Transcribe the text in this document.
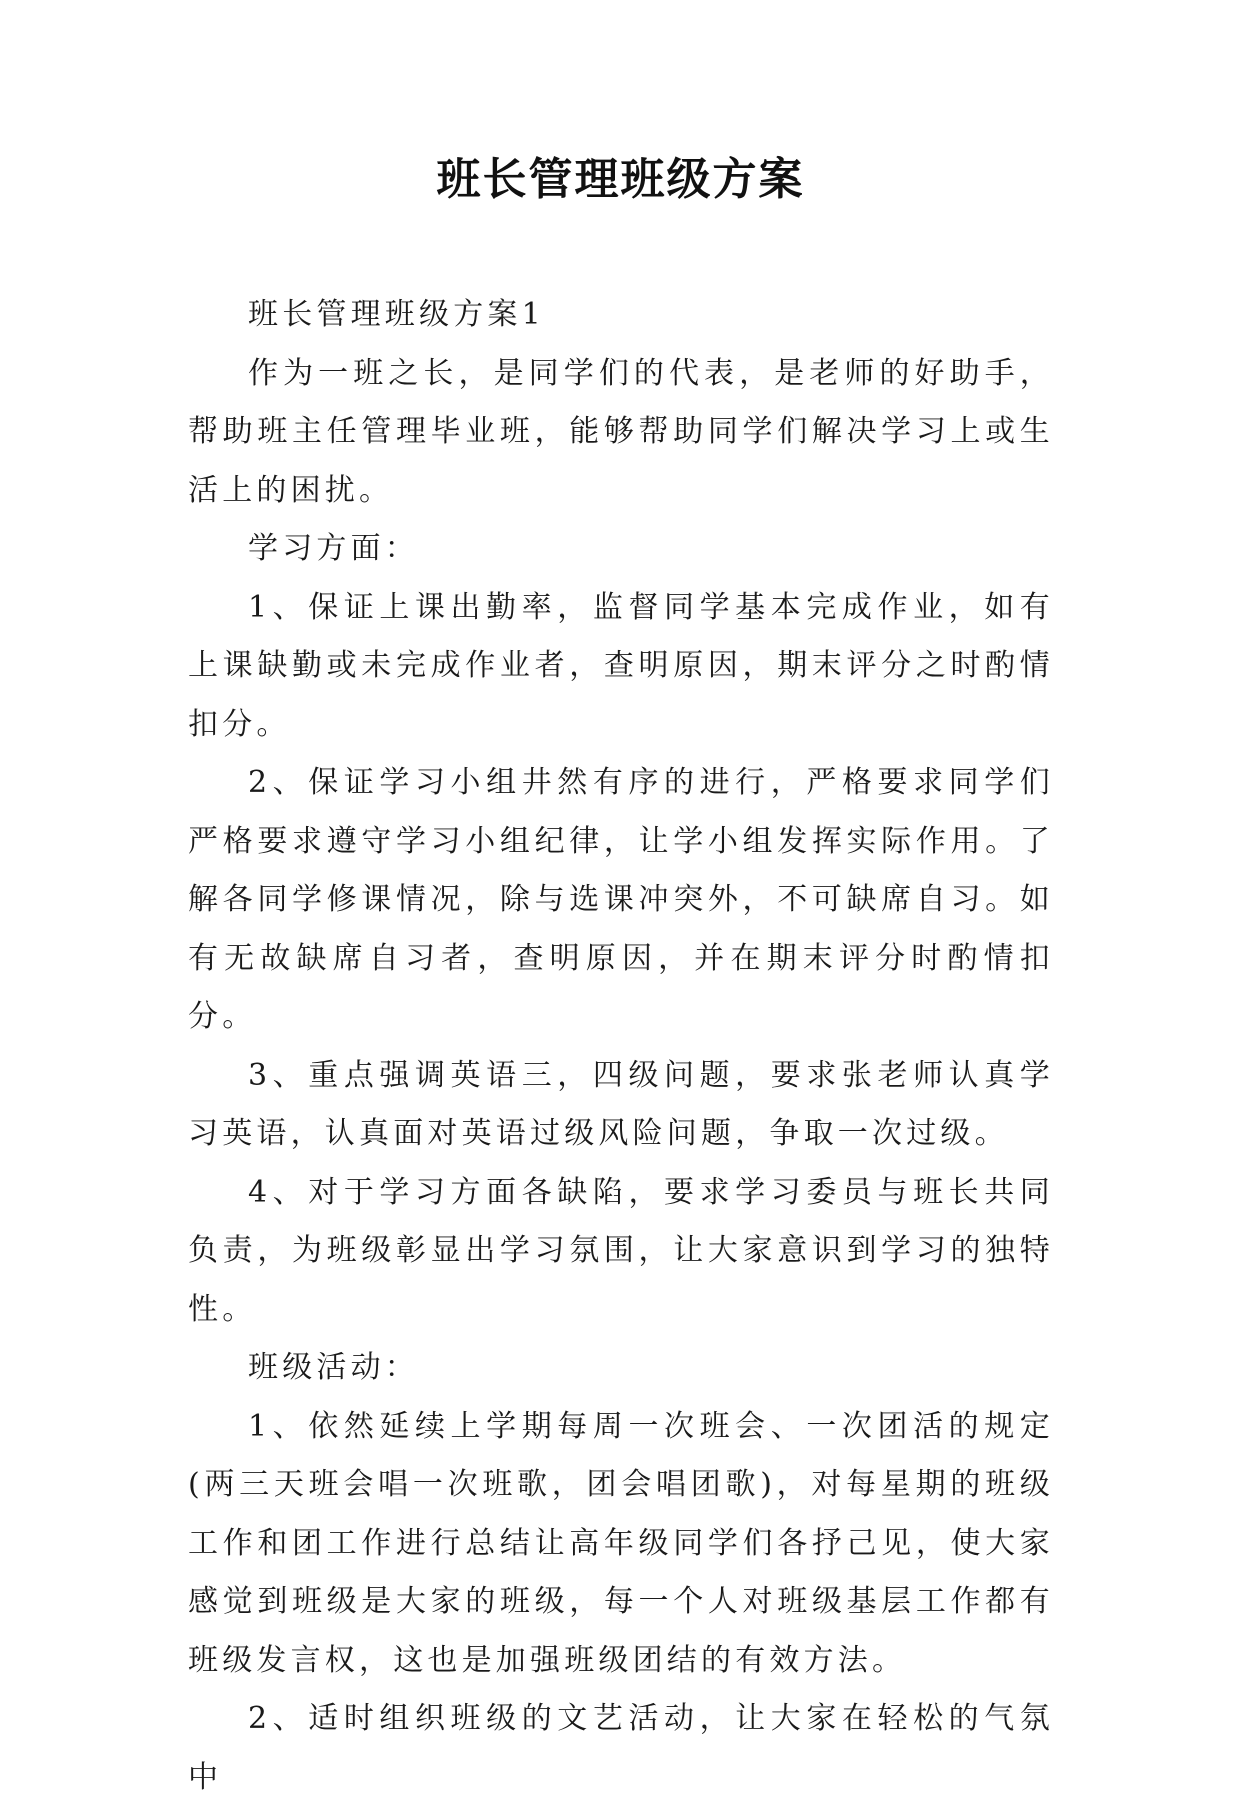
班长管理班级方案

班长管理班级方案1

作为一班之长，是同学们的代表，是老师的好助手，帮助班主任管理毕业班，能够帮助同学们解决学习上或生活上的困扰。

学习方面：

1、保证上课出勤率，监督同学基本完成作业，如有上课缺勤或未完成作业者，查明原因，期末评分之时酌情扣分。

2、保证学习小组井然有序的进行，严格要求同学们严格要求遵守学习小组纪律，让学小组发挥实际作用。了解各同学修课情况，除与选课冲突外，不可缺席自习。如有无故缺席自习者，查明原因，并在期末评分时酌情扣分。

3、重点强调英语三，四级问题，要求张老师认真学习英语，认真面对英语过级风险问题，争取一次过级。

4、对于学习方面各缺陷，要求学习委员与班长共同负责，为班级彰显出学习氛围，让大家意识到学习的独特性。

班级活动：

1、依然延续上学期每周一次班会、一次团活的规定(两三天班会唱一次班歌，团会唱团歌)，对每星期的班级工作和团工作进行总结让高年级同学们各抒己见，使大家感觉到班级是大家的班级，每一个人对班级基层工作都有班级发言权，这也是加强班级团结的有效方法。

2、适时组织班级的文艺活动，让大家在轻松的气氛中
